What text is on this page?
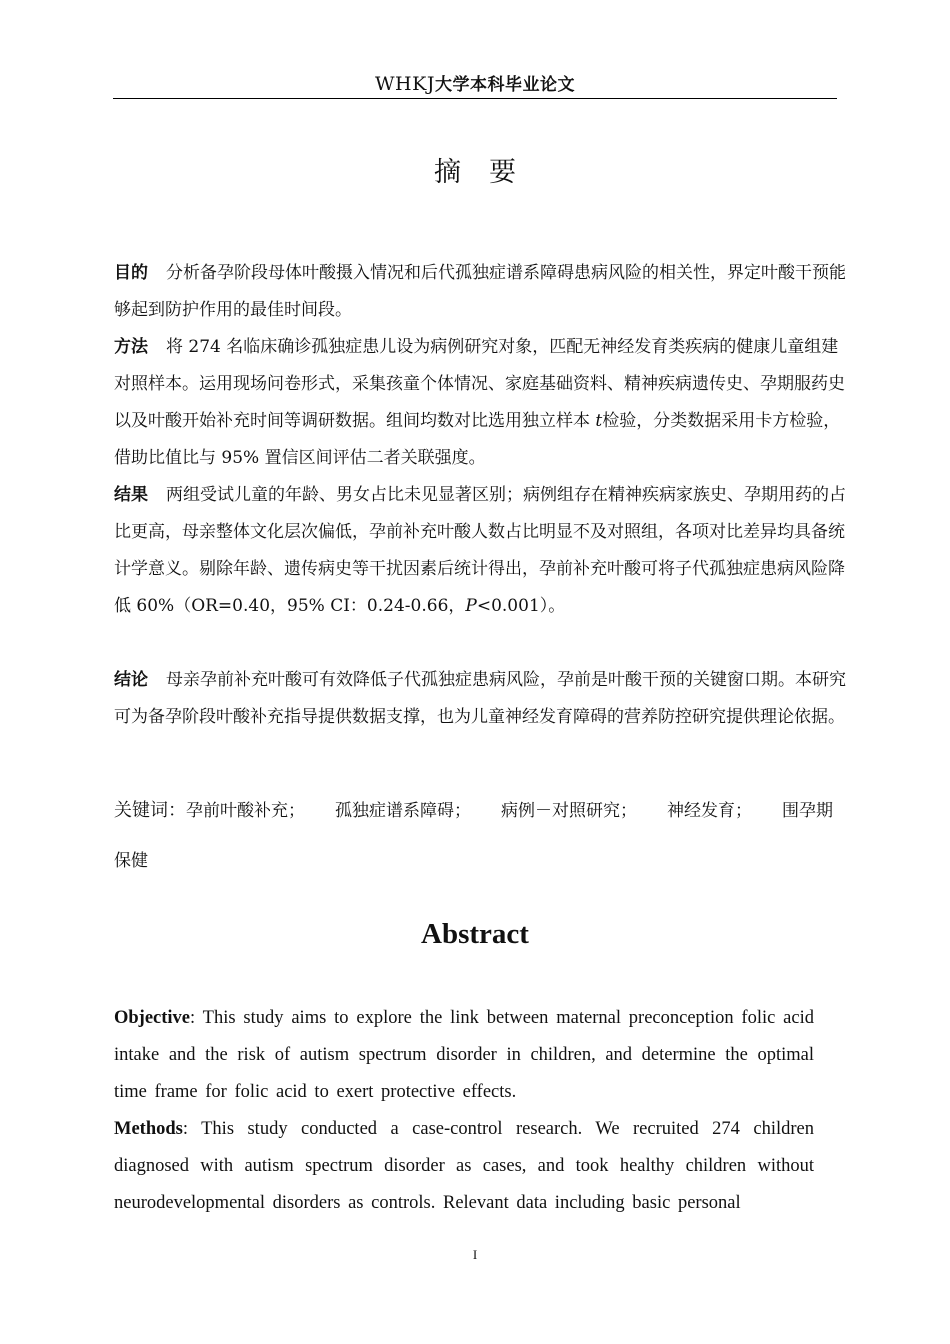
WHKJ大学本科毕业论文
摘要
目的 分析备孕阶段母体叶酸摄入情况和后代孤独症谱系障碍患病风险的相关性，界定叶酸干预能够起到防护作用的最佳时间段。
方法 将 274 名临床确诊孤独症患儿设为病例研究对象，匹配无神经发育类疾病的健康儿童组建对照样本。运用现场问卷形式，采集孩童个体情况、家庭基础资料、精神疾病遗传史、孕期服药史以及叶酸开始补充时间等调研数据。组间均数对比选用独立样本 t检验，分类数据采用卡方检验，借助比值比与 95% 置信区间评估二者关联强度。
结果 两组受试儿童的年龄、男女占比未见显著区别；病例组存在精神疾病家族史、孕期用药的占比更高，母亲整体文化层次偏低，孕前补充叶酸人数占比明显不及对照组，各项对比差异均具备统计学意义。剔除年龄、遗传病史等干扰因素后统计得出，孕前补充叶酸可将子代孤独症患病风险降低 60%（OR=0.40，95% CI：0.24-0.66，P<0.001）。
结论 母亲孕前补充叶酸可有效降低子代孤独症患病风险，孕前是叶酸干预的关键窗口期。本研究可为备孕阶段叶酸补充指导提供数据支撑，也为儿童神经发育障碍的营养防控研究提供理论依据。
关键词：孕前叶酸补充； 孤独症谱系障碍； 病例－对照研究； 神经发育； 围孕期保健
Abstract
Objective: This study aims to explore the link between maternal preconception folic acid intake and the risk of autism spectrum disorder in children, and determine the optimal time frame for folic acid to exert protective effects.
Methods: This study conducted a case-control research. We recruited 274 children diagnosed with autism spectrum disorder as cases, and took healthy children without neurodevelopmental disorders as controls. Relevant data including basic personal
I
